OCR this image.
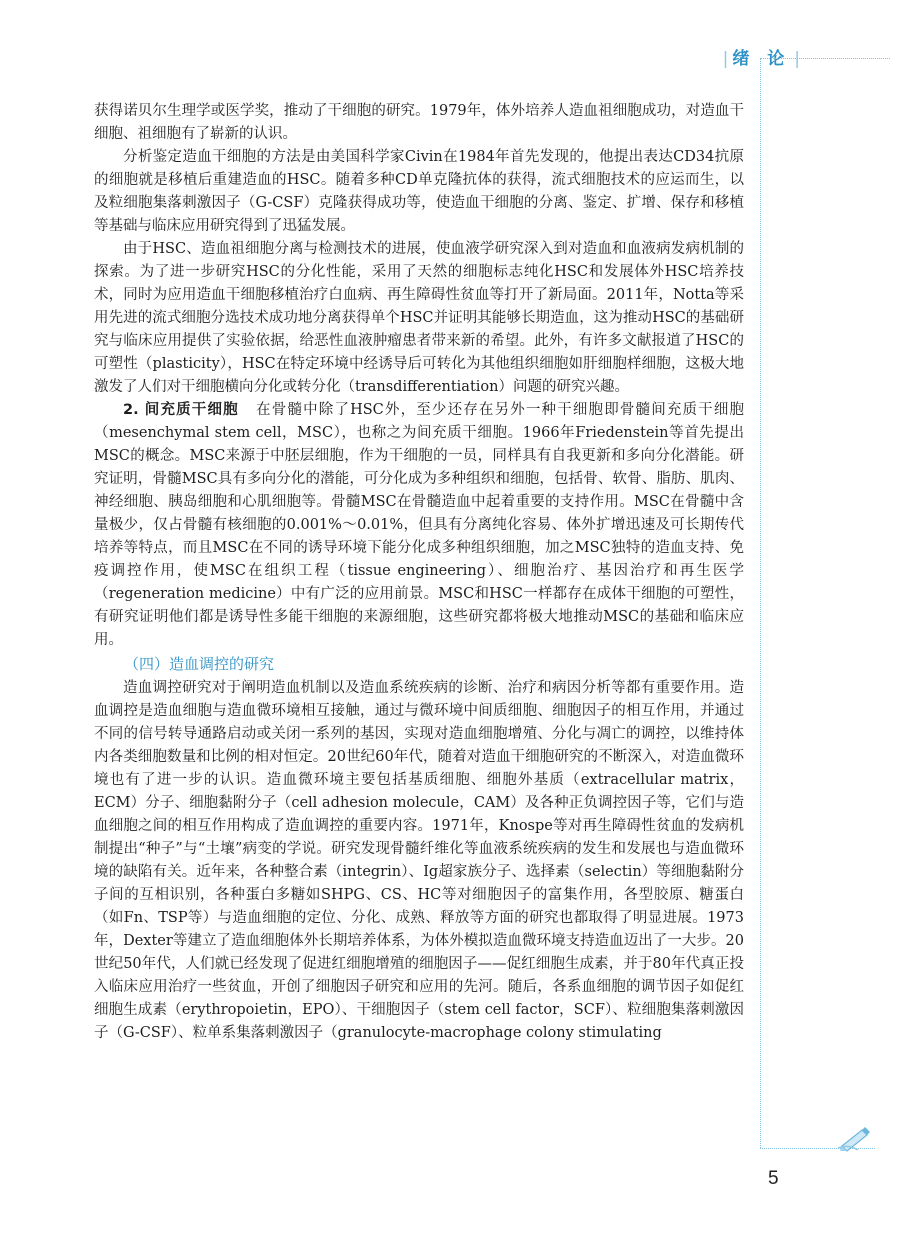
| 绪 论 |
5

获得诺贝尔生理学或医学奖，推动了干细胞的研究。1979年，体外培养人造血祖细胞成功，对造血干细胞、祖细胞有了崭新的认识。

分析鉴定造血干细胞的方法是由美国科学家Civin在1984年首先发现的，他提出表达CD34抗原的细胞就是移植后重建造血的HSC。随着多种CD单克隆抗体的获得，流式细胞技术的应运而生，以及粒细胞集落刺激因子（G-CSF）克隆获得成功等，使造血干细胞的分离、鉴定、扩增、保存和移植等基础与临床应用研究得到了迅猛发展。

由于HSC、造血祖细胞分离与检测技术的进展，使血液学研究深入到对造血和血液病发病机制的探索。为了进一步研究HSC的分化性能，采用了天然的细胞标志纯化HSC和发展体外HSC培养技术，同时为应用造血干细胞移植治疗白血病、再生障碍性贫血等打开了新局面。2011年，Notta等采用先进的流式细胞分选技术成功地分离获得单个HSC并证明其能够长期造血，这为推动HSC的基础研究与临床应用提供了实验依据，给恶性血液肿瘤患者带来新的希望。此外，有许多文献报道了HSC的可塑性（plasticity），HSC在特定环境中经诱导后可转化为其他组织细胞如肝细胞样细胞，这极大地激发了人们对干细胞横向分化或转分化（transdifferentiation）问题的研究兴趣。

2. 间充质干细胞 在骨髓中除了HSC外，至少还存在另外一种干细胞即骨髓间充质干细胞（mesenchymal stem cell，MSC），也称之为间充质干细胞。1966年Friedenstein等首先提出MSC的概念。MSC来源于中胚层细胞，作为干细胞的一员，同样具有自我更新和多向分化潜能。研究证明，骨髓MSC具有多向分化的潜能，可分化成为多种组织和细胞，包括骨、软骨、脂肪、肌肉、神经细胞、胰岛细胞和心肌细胞等。骨髓MSC在骨髓造血中起着重要的支持作用。MSC在骨髓中含量极少，仅占骨髓有核细胞的0.001%～0.01%，但具有分离纯化容易、体外扩增迅速及可长期传代培养等特点，而且MSC在不同的诱导环境下能分化成多种组织细胞，加之MSC独特的造血支持、免疫调控作用，使MSC在组织工程（tissue engineering）、细胞治疗、基因治疗和再生医学（regeneration medicine）中有广泛的应用前景。MSC和HSC一样都存在成体干细胞的可塑性，有研究证明他们都是诱导性多能干细胞的来源细胞，这些研究都将极大地推动MSC的基础和临床应用。

（四）造血调控的研究

造血调控研究对于阐明造血机制以及造血系统疾病的诊断、治疗和病因分析等都有重要作用。造血调控是造血细胞与造血微环境相互接触，通过与微环境中间质细胞、细胞因子的相互作用，并通过不同的信号转导通路启动或关闭一系列的基因，实现对造血细胞增殖、分化与凋亡的调控，以维持体内各类细胞数量和比例的相对恒定。20世纪60年代，随着对造血干细胞研究的不断深入，对造血微环境也有了进一步的认识。造血微环境主要包括基质细胞、细胞外基质（extracellular matrix，ECM）分子、细胞黏附分子（cell adhesion molecule，CAM）及各种正负调控因子等，它们与造血细胞之间的相互作用构成了造血调控的重要内容。1971年，Knospe等对再生障碍性贫血的发病机制提出“种子”与“土壤”病变的学说。研究发现骨髓纤维化等血液系统疾病的发生和发展也与造血微环境的缺陷有关。近年来，各种整合素（integrin）、Ig超家族分子、选择素（selectin）等细胞黏附分子间的互相识别，各种蛋白多糖如SHPG、CS、HC等对细胞因子的富集作用，各型胶原、糖蛋白（如Fn、TSP等）与造血细胞的定位、分化、成熟、释放等方面的研究也都取得了明显进展。1973年，Dexter等建立了造血细胞体外长期培养体系，为体外模拟造血微环境支持造血迈出了一大步。20世纪50年代，人们就已经发现了促进红细胞增殖的细胞因子——促红细胞生成素，并于80年代真正投入临床应用治疗一些贫血，开创了细胞因子研究和应用的先河。随后，各系血细胞的调节因子如促红细胞生成素（erythropoietin，EPO）、干细胞因子（stem cell factor，SCF）、粒细胞集落刺激因子（G-CSF）、粒单系集落刺激因子（granulocyte-macrophage colony stimulating
